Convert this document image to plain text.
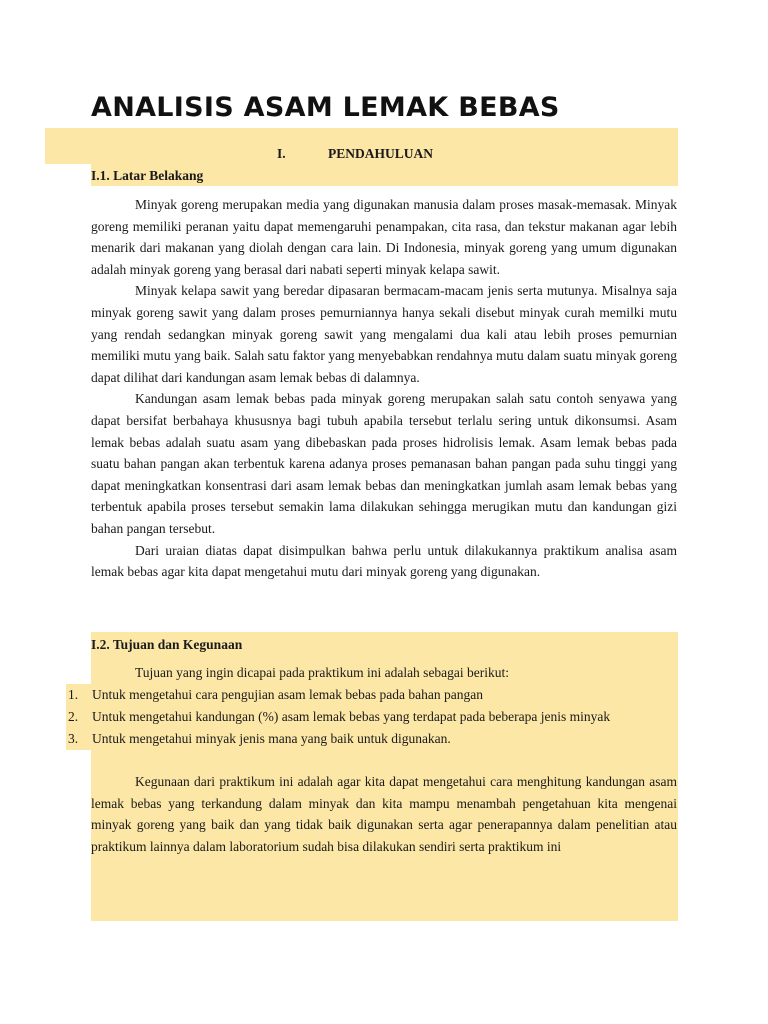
ANALISIS ASAM LEMAK BEBAS
I.	PENDAHULUAN
I.1. Latar Belakang

Minyak goreng merupakan media yang digunakan manusia dalam proses masak-memasak. Minyak goreng memiliki peranan yaitu dapat memengaruhi penampakan, cita rasa, dan tekstur makanan agar lebih menarik dari makanan yang diolah dengan cara lain. Di Indonesia, minyak goreng yang umum digunakan adalah minyak goreng yang berasal dari nabati seperti minyak kelapa sawit.

Minyak kelapa sawit yang beredar dipasaran bermacam-macam jenis serta mutunya. Misalnya saja minyak goreng sawit yang dalam proses pemurniannya hanya sekali disebut minyak curah memilki mutu yang rendah sedangkan minyak goreng sawit yang mengalami dua kali atau lebih proses pemurnian memiliki mutu yang baik. Salah satu faktor yang menyebabkan rendahnya mutu dalam suatu minyak goreng dapat dilihat dari kandungan asam lemak bebas di dalamnya.

Kandungan asam lemak bebas pada minyak goreng merupakan salah satu contoh senyawa yang dapat bersifat berbahaya khususnya bagi tubuh apabila tersebut terlalu sering untuk dikonsumsi. Asam lemak bebas adalah suatu asam yang dibebaskan pada proses hidrolisis lemak. Asam lemak bebas pada suatu bahan pangan akan terbentuk karena adanya proses pemanasan bahan pangan pada suhu tinggi yang dapat meningkatkan konsentrasi dari asam lemak bebas dan meningkatkan jumlah asam lemak bebas yang terbentuk apabila proses tersebut semakin lama dilakukan sehingga merugikan mutu dan kandungan gizi bahan pangan tersebut.

Dari uraian diatas dapat disimpulkan bahwa perlu untuk dilakukannya praktikum analisa asam lemak bebas agar kita dapat mengetahui mutu dari minyak goreng yang digunakan.

I.2. Tujuan dan Kegunaan
Tujuan yang ingin dicapai pada praktikum ini adalah sebagai berikut:
1. Untuk mengetahui cara pengujian asam lemak bebas pada bahan pangan
2. Untuk mengetahui kandungan (%) asam lemak bebas yang terdapat pada beberapa jenis minyak
3. Untuk mengetahui minyak jenis mana yang baik untuk digunakan.

Kegunaan dari praktikum ini adalah agar kita dapat mengetahui cara menghitung kandungan asam lemak bebas yang terkandung dalam minyak dan kita mampu menambah pengetahuan kita mengenai minyak goreng yang baik dan yang tidak baik digunakan serta agar penerapannya dalam penelitian atau praktikum lainnya dalam laboratorium sudah bisa dilakukan sendiri serta praktikum ini
